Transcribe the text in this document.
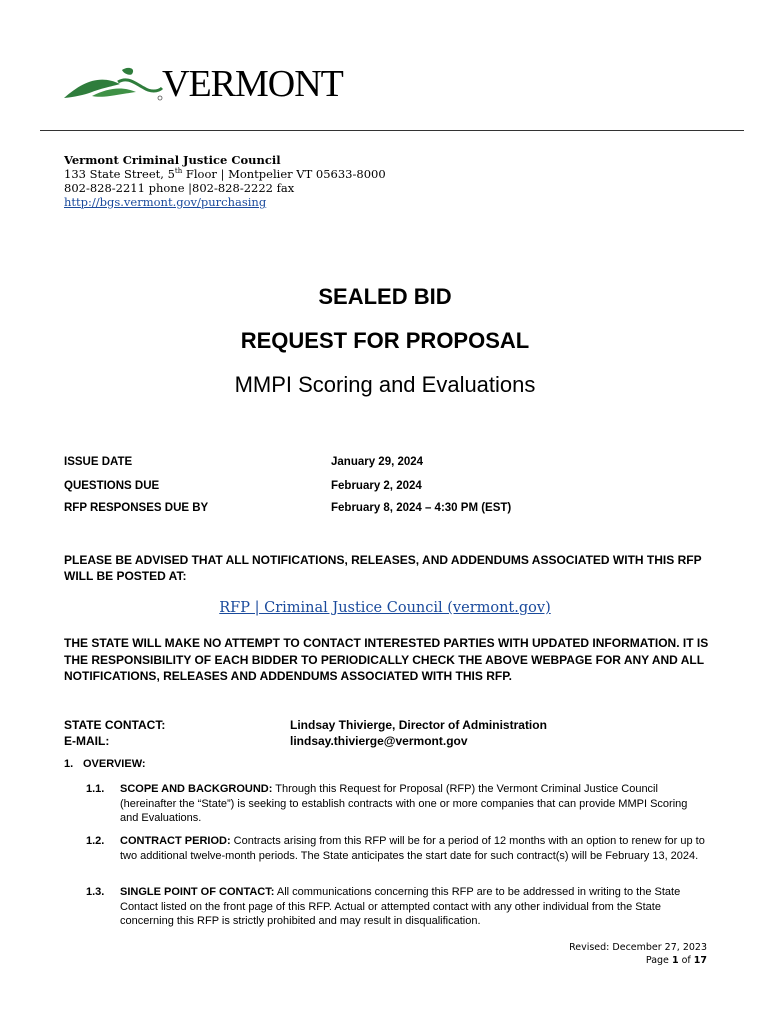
VERMONT
Vermont Criminal Justice Council
133 State Street, 5th Floor | Montpelier VT 05633-8000
802-828-2211 phone |802-828-2222 fax
http://bgs.vermont.gov/purchasing
SEALED BID
REQUEST FOR PROPOSAL
MMPI Scoring and Evaluations
ISSUE DATE	January 29, 2024
QUESTIONS DUE	February 2, 2024
RFP RESPONSES DUE BY	February 8, 2024 – 4:30 PM (EST)
PLEASE BE ADVISED THAT ALL NOTIFICATIONS, RELEASES, AND ADDENDUMS ASSOCIATED WITH THIS RFP WILL BE POSTED AT:
RFP | Criminal Justice Council (vermont.gov)
THE STATE WILL MAKE NO ATTEMPT TO CONTACT INTERESTED PARTIES WITH UPDATED INFORMATION. IT IS THE RESPONSIBILITY OF EACH BIDDER TO PERIODICALLY CHECK THE ABOVE WEBPAGE FOR ANY AND ALL NOTIFICATIONS, RELEASES AND ADDENDUMS ASSOCIATED WITH THIS RFP.
STATE CONTACT:	Lindsay Thivierge, Director of Administration
E-MAIL:	lindsay.thivierge@vermont.gov
1. OVERVIEW:
1.1. SCOPE AND BACKGROUND: Through this Request for Proposal (RFP) the Vermont Criminal Justice Council (hereinafter the “State”) is seeking to establish contracts with one or more companies that can provide MMPI Scoring and Evaluations.
1.2. CONTRACT PERIOD: Contracts arising from this RFP will be for a period of 12 months with an option to renew for up to two additional twelve-month periods. The State anticipates the start date for such contract(s) will be February 13, 2024.
1.3. SINGLE POINT OF CONTACT: All communications concerning this RFP are to be addressed in writing to the State Contact listed on the front page of this RFP. Actual or attempted contact with any other individual from the State concerning this RFP is strictly prohibited and may result in disqualification.
Revised: December 27, 2023
Page 1 of 17
